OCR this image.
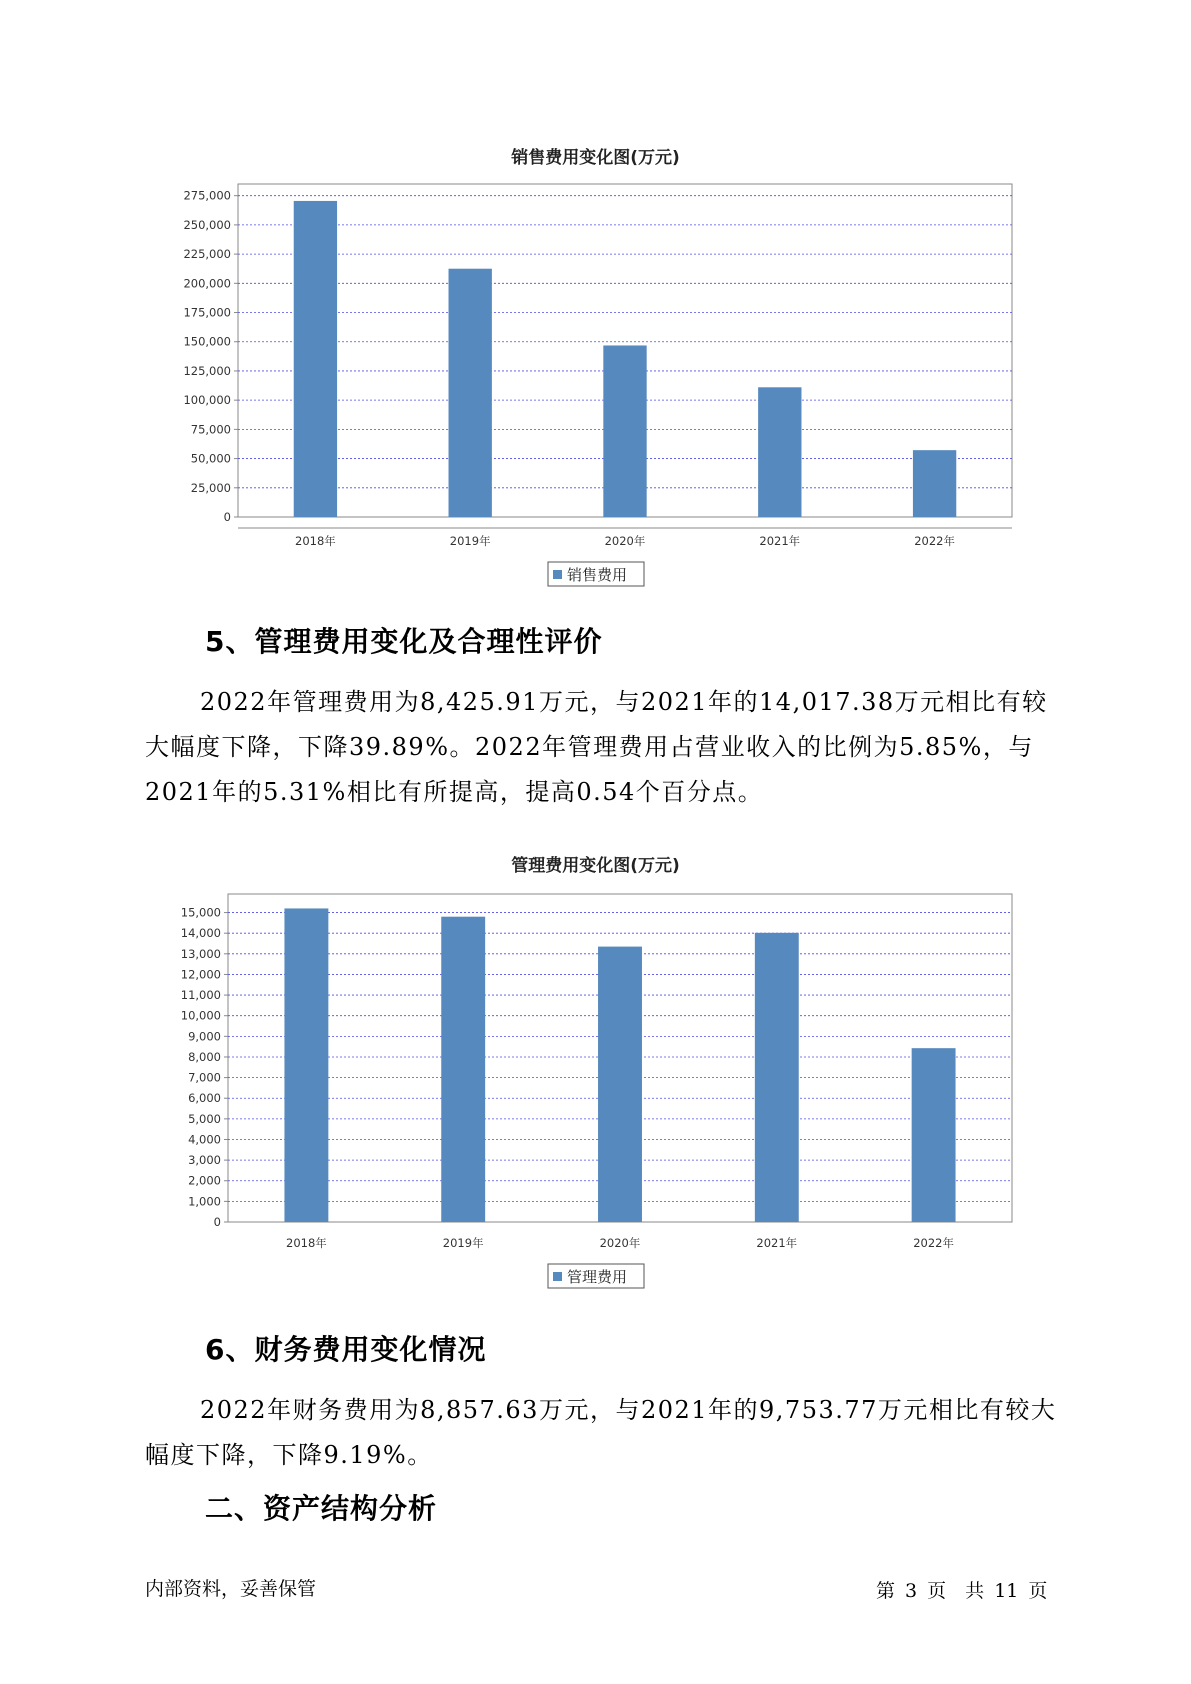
销售费用变化图(万元)
0
25,000
50,000
75,000
100,000
125,000
150,000
175,000
200,000
225,000
250,000
275,000
2018年	2019年	2020年	2021年	2022年
销售费用
5、管理费用变化及合理性评价

2022年管理费用为8,425.91万元，与2021年的14,017.38万元相比有较大幅度下降，下降39.89%。2022年管理费用占营业收入的比例为5.85%，与2021年的5.31%相比有所提高，提高0.54个百分点。

管理费用变化图(万元)
0
1,000
2,000
3,000
4,000
5,000
6,000
7,000
8,000
9,000
10,000
11,000
12,000
13,000
14,000
15,000
2018年	2019年	2020年	2021年	2022年
管理费用
6、财务费用变化情况

2022年财务费用为8,857.63万元，与2021年的9,753.77万元相比有较大幅度下降，下降9.19%。

二、资产结构分析
内部资料，妥善保管	第 3 页　共 11 页
